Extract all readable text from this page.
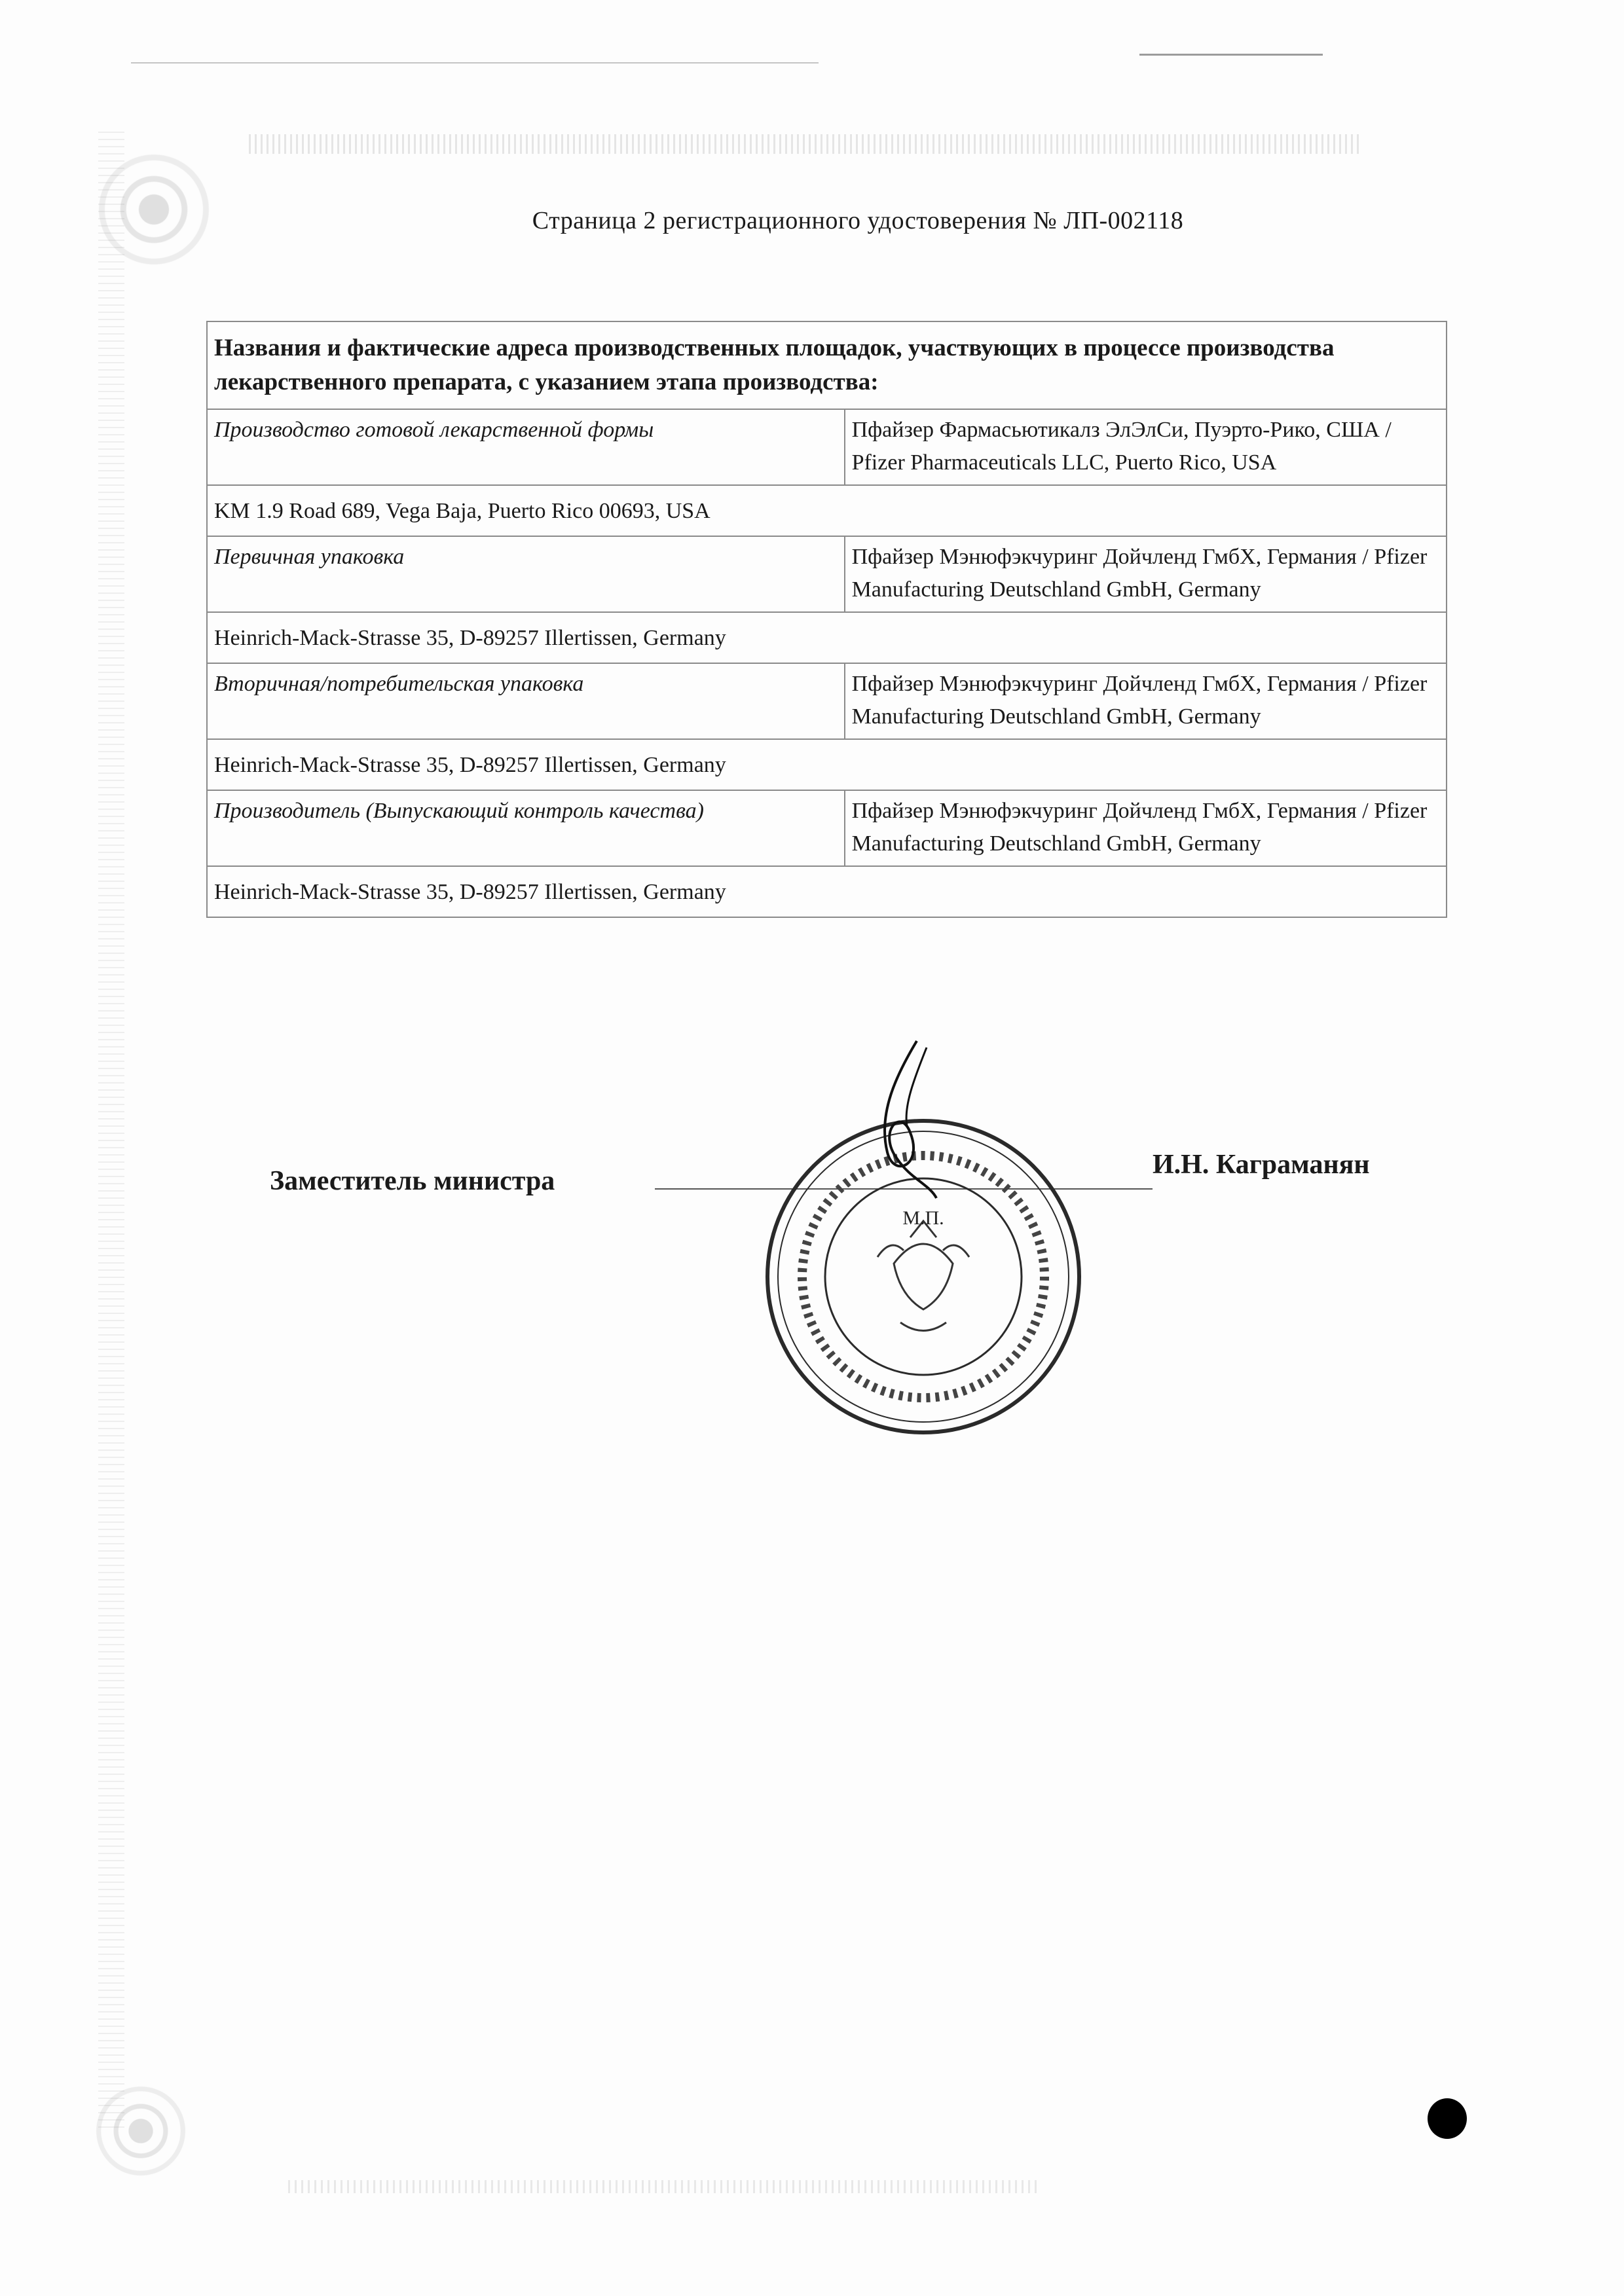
Страница 2 регистрационного удостоверения № ЛП-002118
Названия и фактические адреса производственных площадок, участвующих в процессе производства лекарственного препарата, с указанием этапа производства:	
Производство готовой лекарственной формы	Пфайзер Фармасьютикалз ЭлЭлСи, Пуэрто-Рико, США / Pfizer Pharmaceuticals LLC, Puerto Rico, USA
KM 1.9 Road 689, Vega Baja, Puerto Rico 00693, USA	
Первичная упаковка	Пфайзер Мэнюфэкчуринг Дойчленд ГмбХ, Германия / Pfizer Manufacturing Deutschland GmbH, Germany
Heinrich-Mack-Strasse 35, D-89257 Illertissen, Germany	
Вторичная/потребительская упаковка	Пфайзер Мэнюфэкчуринг Дойчленд ГмбХ, Германия / Pfizer Manufacturing Deutschland GmbH, Germany
Heinrich-Mack-Strasse 35, D-89257 Illertissen, Germany	
Производитель (Выпускающий контроль качества)	Пфайзер Мэнюфэкчуринг Дойчленд ГмбХ, Германия / Pfizer Manufacturing Deutschland GmbH, Germany
Heinrich-Mack-Strasse 35, D-89257 Illertissen, Germany	
Заместитель министра
И.Н. Каграманян
М.П.
